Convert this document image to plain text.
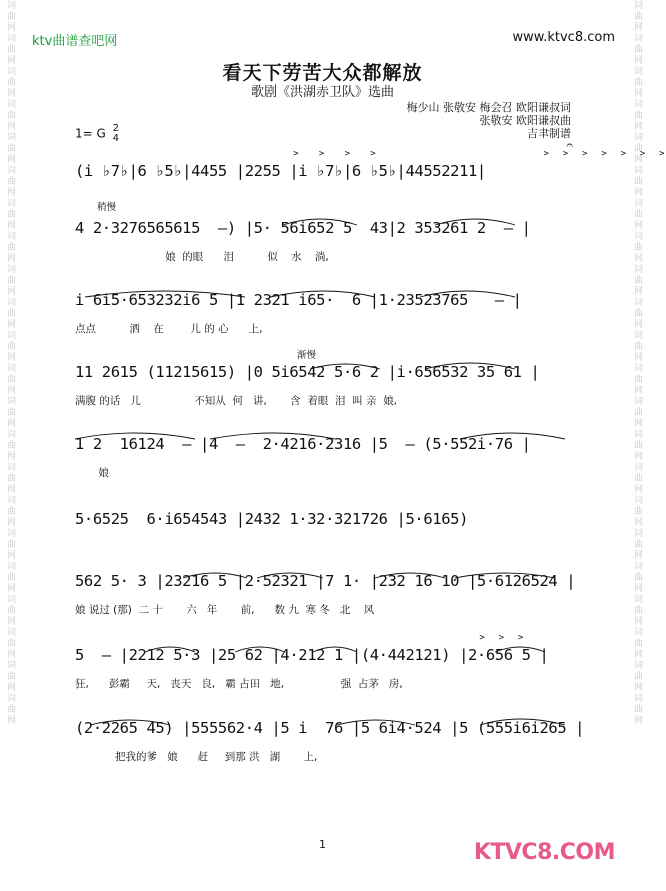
词曲网词曲网词曲网词曲网词曲网词曲网词曲网词曲网词曲网词曲网词曲网词曲网词曲网词曲网词曲网词曲网词曲网词曲网词曲网词曲网词曲网词曲网	词曲网词曲网词曲网词曲网词曲网词曲网词曲网词曲网词曲网词曲网词曲网词曲网词曲网词曲网词曲网词曲网词曲网词曲网词曲网词曲网词曲网词曲网
ktv曲谱查吧网	www.ktvc8.com
看天下劳苦大众都解放
歌剧《洪湖赤卫队》选曲
梅少山 张敬安 梅会召 欧阳谦叔词
张敬安 欧阳谦叔曲
吉聿制谱
1= G 2
4	𝄐
>   >   >   >                          >  >  >  >  >  >  >
(i ♭7♭|6 ♭5♭|4455 |2255 |i ♭7♭|6 ♭5♭|44552211|
稍慢
4 2·3276565615  –) |5· 56i652 5  43|2 353261 2  – |
娘  的眼      泪          似    水    淌,
i 6i5·653232i6 5 |1 2321 i65·  6 |1·23523765   – |
点点          洒    在        儿 的 心      上,
渐慢
11 2615 (11215615) |0 5i6542 5·6 2 |i·656532 35 61 |
满腹 的话   儿                不知从  何   讲,       含  着眼  泪  叫 亲  娘,
1 2  16124  – |4  –  2·4216·2316 |5  – (5·552i·76 |
娘
5·6525  6·i654543 |2432 1·32·321726 |5·6165)
562 5· 3 |23216 5 |2·52321 |7 1· |232 16 10 |5·6126524 |
娘 说过 (那)  二 十       六   年       前,      数 九  寒 冬   北    风
>  >  >
5  – |2212 5·3 |25 62 |4·212 1 |(4·442121) |2·656 5 |
狂,      彭霸     天,   丧天   良,   霸 占田   地,                 强  占茅   房,
(2·2265 45) |555562·4 |5 i  76 |5 6i4·524 |5 (555i6i265 |
把我的爹   娘      赶     到那 洪   湖       上,
1	KTVC8.COM
